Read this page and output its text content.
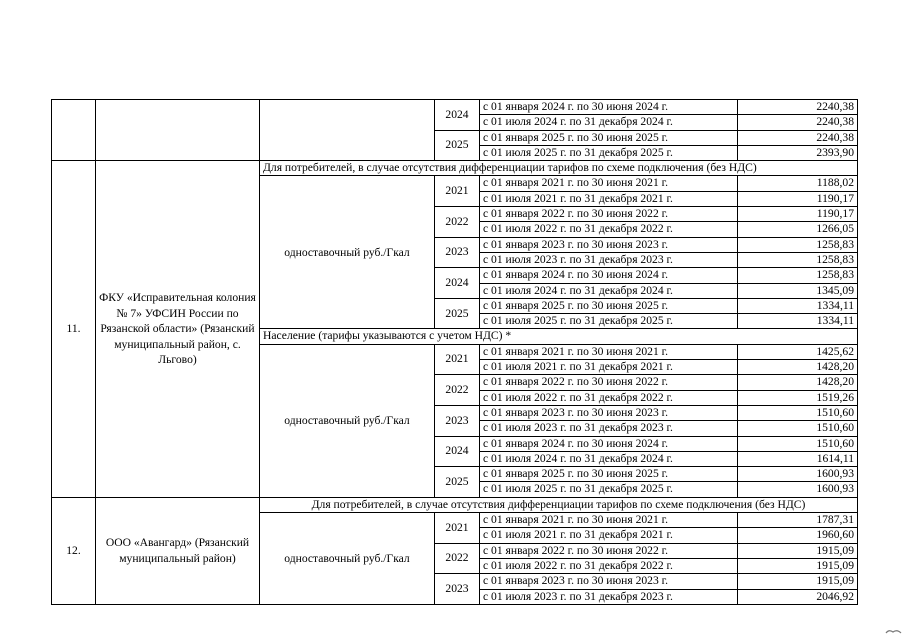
			2024	с 01 января 2024 г. по 30 июня 2024 г.	2240,38
				с 01 июля 2024 г. по 31 декабря 2024 г.	2240,38
			2025	с 01 января 2025 г. по 30 июня 2025 г.	2240,38
				с 01 июля 2025 г. по 31 декабря 2025 г.	2393,90
11.	ФКУ «Исправительная колония № 7» УФСИН России по Рязанской области» (Рязанский муниципальный район, с. Льгово)	Для потребителей, в случае отсутствия дифференциации тарифов по схеме подключения (без НДС)			
		одноставочный руб./Гкал	2021	с 01 января 2021 г. по 30 июня 2021 г.	1188,02
				с 01 июля 2021 г. по 31 декабря 2021 г.	1190,17
			2022	с 01 января 2022 г. по 30 июня 2022 г.	1190,17
				с 01 июля 2022 г. по 31 декабря 2022 г.	1266,05
			2023	с 01 января 2023 г. по 30 июня 2023 г.	1258,83
				с 01 июля 2023 г. по 31 декабря 2023 г.	1258,83
			2024	с 01 января 2024 г. по 30 июня 2024 г.	1258,83
				с 01 июля 2024 г. по 31 декабря 2024 г.	1345,09
			2025	с 01 января 2025 г. по 30 июня 2025 г.	1334,11
				с 01 июля 2025 г. по 31 декабря 2025 г.	1334,11
		Население (тарифы указываются с учетом НДС) *			
		одноставочный руб./Гкал	2021	с 01 января 2021 г. по 30 июня 2021 г.	1425,62
				с 01 июля 2021 г. по 31 декабря 2021 г.	1428,20
			2022	с 01 января 2022 г. по 30 июня 2022 г.	1428,20
				с 01 июля 2022 г. по 31 декабря 2022 г.	1519,26
			2023	с 01 января 2023 г. по 30 июня 2023 г.	1510,60
				с 01 июля 2023 г. по 31 декабря 2023 г.	1510,60
			2024	с 01 января 2024 г. по 30 июня 2024 г.	1510,60
				с 01 июля 2024 г. по 31 декабря 2024 г.	1614,11
			2025	с 01 января 2025 г. по 30 июня 2025 г.	1600,93
				с 01 июля 2025 г. по 31 декабря 2025 г.	1600,93
12.	ООО «Авангард» (Рязанский муниципальный район)	Для потребителей, в случае отсутствия дифференциации тарифов по схеме подключения (без НДС)			
		одноставочный руб./Гкал	2021	с 01 января 2021 г. по 30 июня 2021 г.	1787,31
				с 01 июля 2021 г. по 31 декабря 2021 г.	1960,60
			2022	с 01 января 2022 г. по 30 июня 2022 г.	1915,09
				с 01 июля 2022 г. по 31 декабря 2022 г.	1915,09
			2023	с 01 января 2023 г. по 30 июня 2023 г.	1915,09
				с 01 июля 2023 г. по 31 декабря 2023 г.	2046,92
